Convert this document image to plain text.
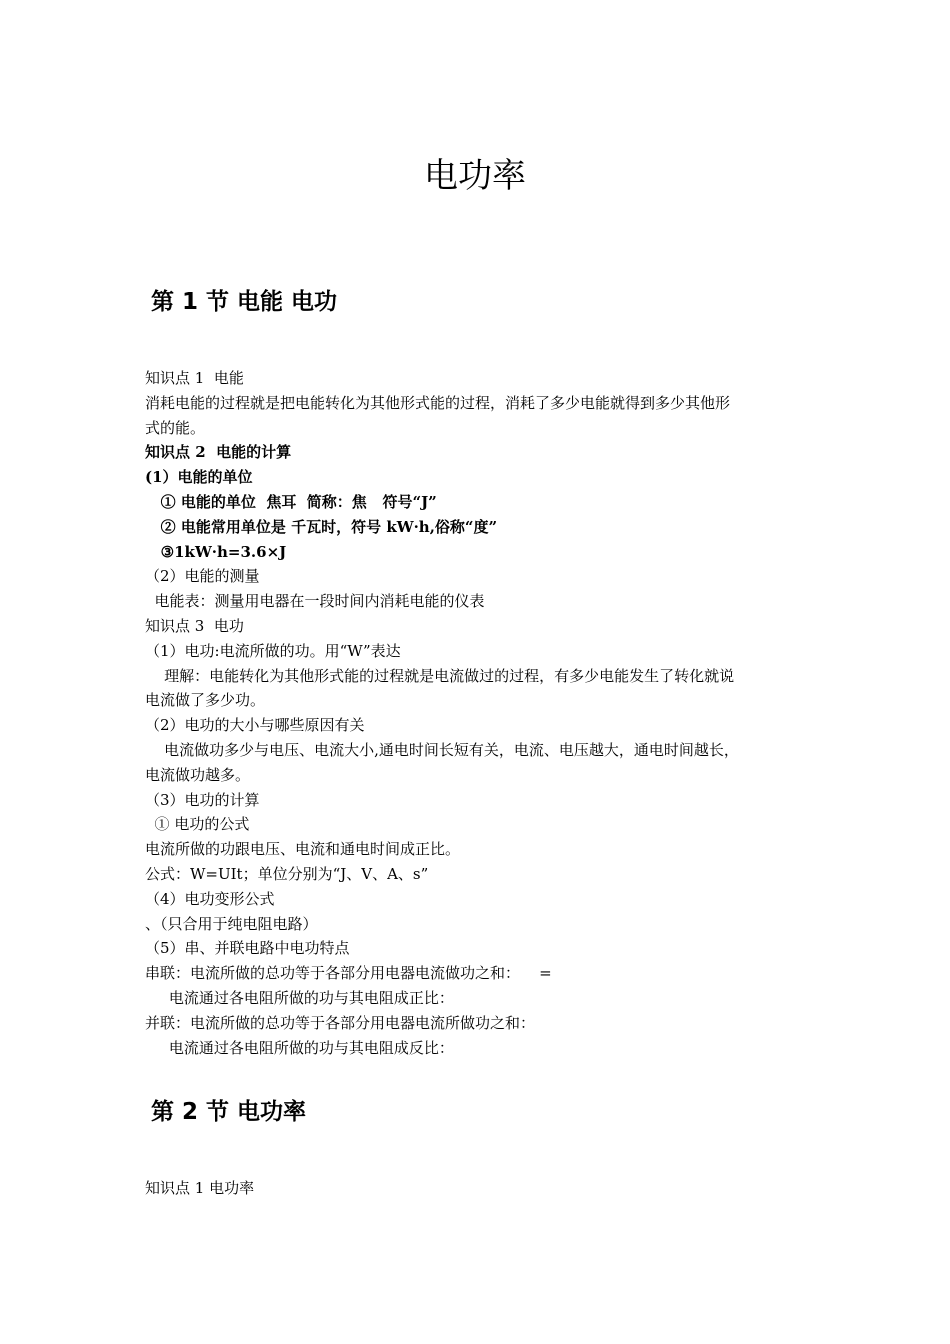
电功率
第 1 节 电能 电功

知识点 1  电能

消耗电能的过程就是把电能转化为其他形式能的过程，消耗了多少电能就得到多少其他形

式的能。

知识点 2  电能的计算

(1）电能的单位

① 电能的单位  焦耳  简称：焦   符号“J”

② 电能常用单位是 千瓦时，符号 kW·h,俗称“度”

③1kW·h=3.6×J

（2）电能的测量

电能表：测量用电器在一段时间内消耗电能的仪表

知识点 3  电功

（1）电功:电流所做的功。用“W”表达

理解：电能转化为其他形式能的过程就是电流做过的过程，有多少电能发生了转化就说

电流做了多少功。

（2）电功的大小与哪些原因有关

电流做功多少与电压、电流大小,通电时间长短有关，电流、电压越大，通电时间越长，

电流做功越多。

（3）电功的计算

① 电功的公式

电流所做的功跟电压、电流和通电时间成正比。

公式：W=UIt；单位分别为“J、V、A、s”

（4）电功变形公式

、（只合用于纯电阻电路）

（5）串、并联电路中电功特点

串联：电流所做的总功等于各部分用电器电流做功之和：    =

电流通过各电阻所做的功与其电阻成正比：

并联：电流所做的总功等于各部分用电器电流所做功之和：

电流通过各电阻所做的功与其电阻成反比：

第 2 节 电功率

知识点 1 电功率
